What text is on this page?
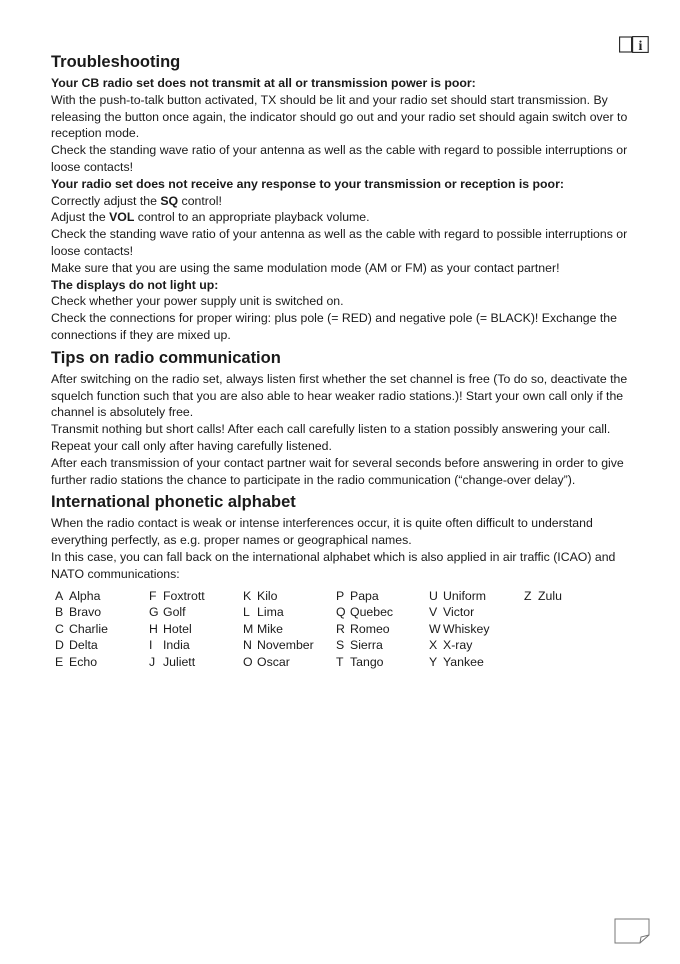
i
Troubleshooting
Your CB radio set does not transmit at all or transmission power is poor:

With the push-to-talk button activated, TX should be lit and your radio set should start transmission. By releasing the button once again, the indicator should go out and your radio set should again switch over to reception mode.

Check the standing wave ratio of your antenna as well as the cable with regard to possible interruptions or loose contacts!

Your radio set does not receive any response to your transmission or reception is poor:

Correctly adjust the SQ control!

Adjust the VOL control to an appropriate playback volume.

Check the standing wave ratio of your antenna as well as the cable with regard to possible interruptions or loose contacts!

Make sure that you are using the same modulation mode (AM or FM) as your contact partner!

The displays do not light up:

Check whether your power supply unit is switched on.

Check the connections for proper wiring: plus pole (= RED) and negative pole (= BLACK)! Exchange the connections if they are mixed up.

Tips on radio communication

After switching on the radio set, always listen first whether the set channel is free (To do so, deactivate the squelch function such that you are also able to hear weaker radio stations.)! Start your own call only if the channel is absolutely free.

Transmit nothing but short calls! After each call carefully listen to a station possibly answering your call. Repeat your call only after having carefully listened.

After each transmission of your contact partner wait for several seconds before answering in order to give further radio stations the chance to participate in the radio communication (“change-over delay”).

International phonetic alphabet

When the radio contact is weak or intense interferences occur, it is quite often difficult to understand everything perfectly, as e.g. proper names or geographical names.

In this case, you can fall back on the international alphabet which is also applied in air traffic (ICAO) and NATO communications:

A	Alpha	F	Foxtrott	K	Kilo	P	Papa	U	Uniform	Z	Zulu
B	Bravo	G	Golf	L	Lima	Q	Quebec	V	Victor		
C	Charlie	H	Hotel	M	Mike	R	Romeo	W	Whiskey		
D	Delta	I	India	N	November	S	Sierra	X	X-ray		
E	Echo	J	Juliett	O	Oscar	T	Tango	Y	Yankee		
